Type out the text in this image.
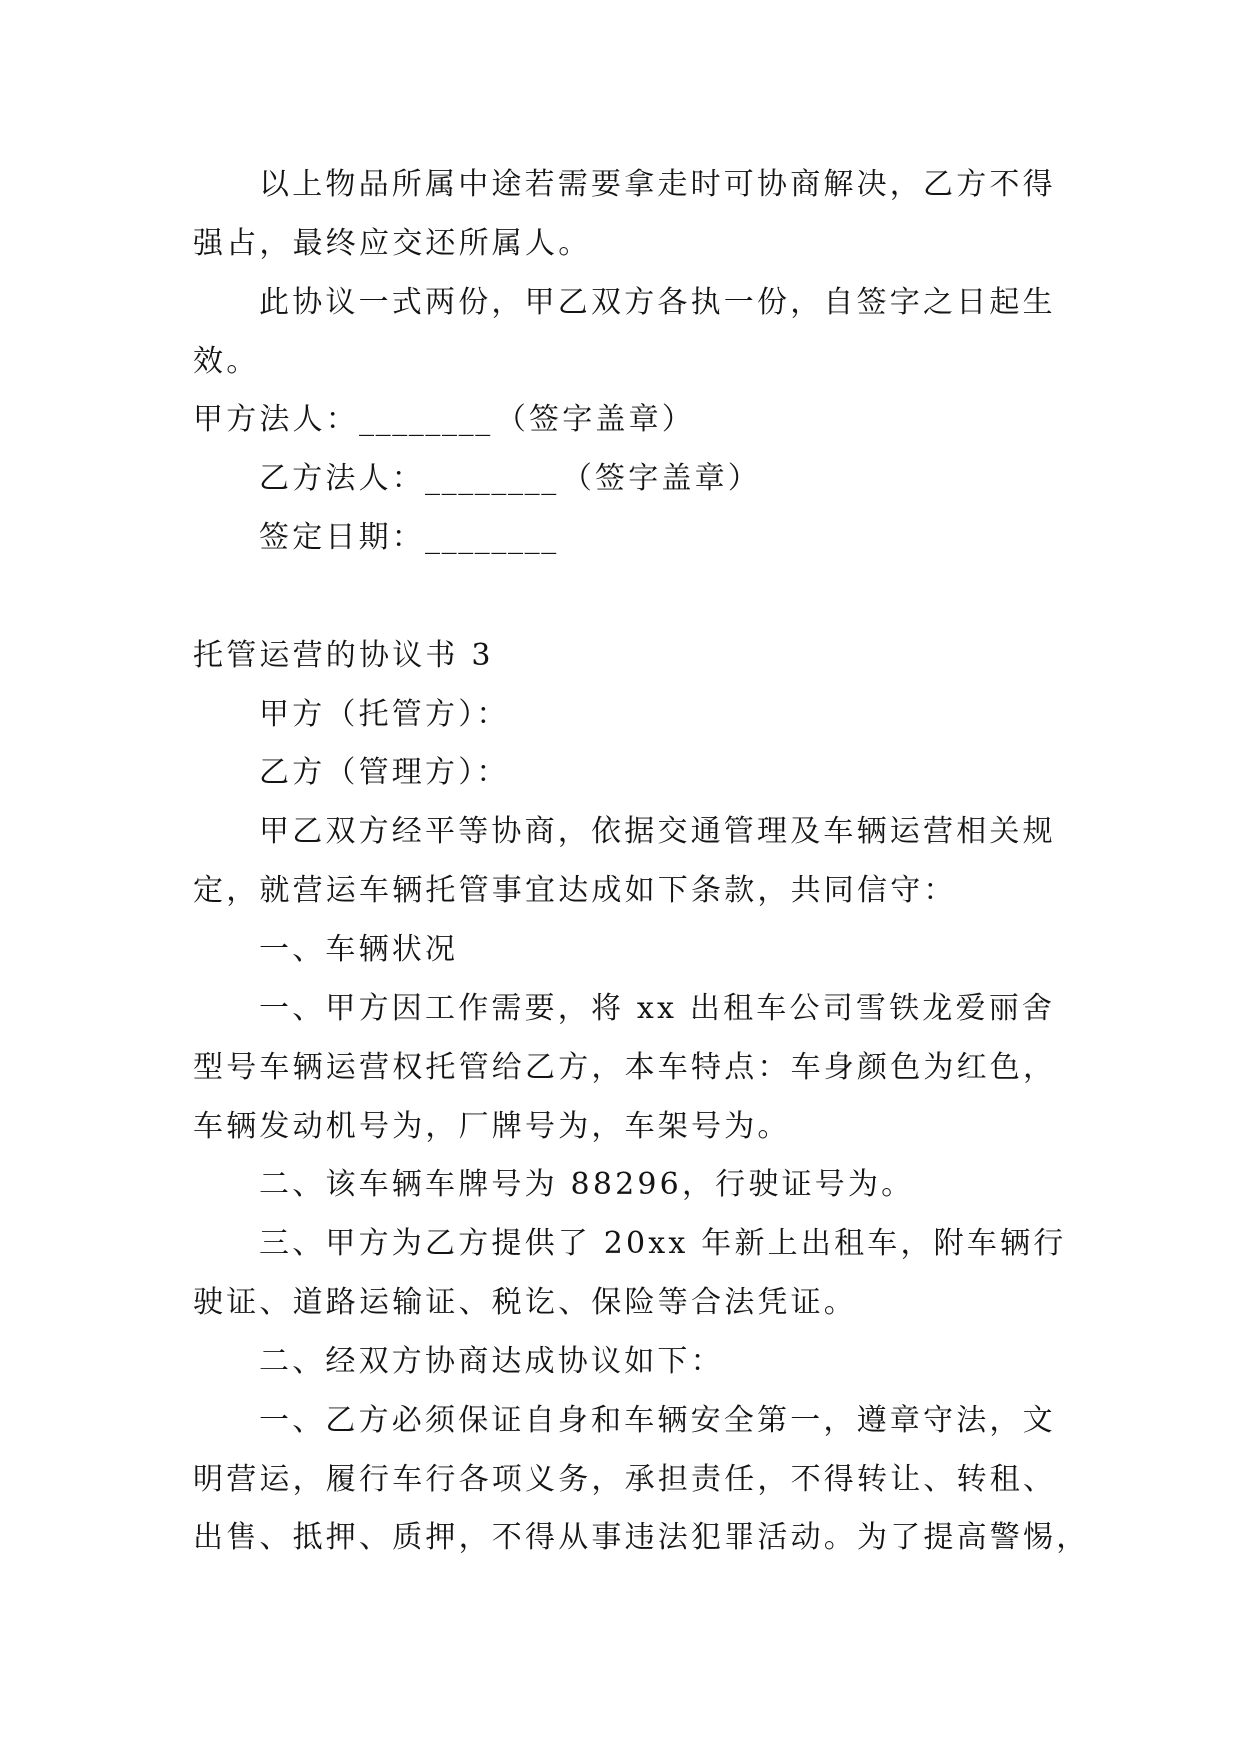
以上物品所属中途若需要拿走时可协商解决，乙方不得
强占，最终应交还所属人。
此协议一式两份，甲乙双方各执一份，自签字之日起生
效。
甲方法人：________ （签字盖章）
乙方法人：________ （签字盖章）
签定日期：________
托管运营的协议书 3
甲方（托管方）：
乙方（管理方）：
甲乙双方经平等协商，依据交通管理及车辆运营相关规
定，就营运车辆托管事宜达成如下条款，共同信守：
一、车辆状况
一、甲方因工作需要，将 xx 出租车公司雪铁龙爱丽舍
型号车辆运营权托管给乙方，本车特点：车身颜色为红色，
车辆发动机号为，厂牌号为，车架号为。
二、该车辆车牌号为 88296，行驶证号为。
三、甲方为乙方提供了 20xx 年新上出租车，附车辆行
驶证、道路运输证、税讫、保险等合法凭证。
二、经双方协商达成协议如下：
一、乙方必须保证自身和车辆安全第一，遵章守法，文
明营运，履行车行各项义务，承担责任，不得转让、转租、
出售、抵押、质押，不得从事违法犯罪活动。为了提高警惕，
